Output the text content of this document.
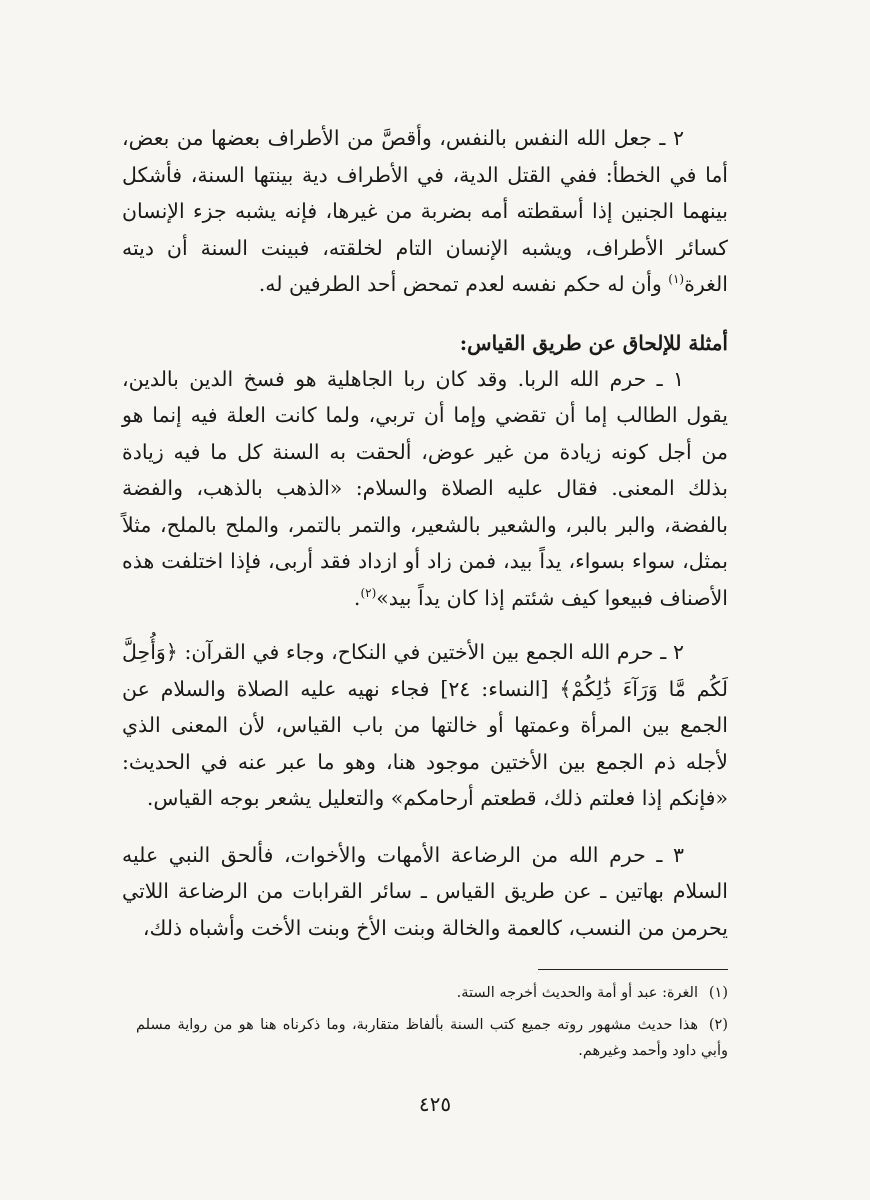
٢ ـ جعل الله النفس بالنفس، وأقصَّ من الأطراف بعضها من بعض، أما في الخطأ: ففي القتل الدية، في الأطراف دية بينتها السنة، فأشكل بينهما الجنين إذا أسقطته أمه بضربة من غيرها، فإنه يشبه جزء الإنسان كسائر الأطراف، ويشبه الإنسان التام لخلقته، فبينت السنة أن ديته الغرة$^{(١)}$ وأن له حكم نفسه لعدم تمحض أحد الطرفين له.

أمثلة للإلحاق عن طريق القياس:

١ ـ حرم الله الربا. وقد كان ربا الجاهلية هو فسخ الدين بالدين، يقول الطالب إما أن تقضي وإما أن تربي، ولما كانت العلة فيه إنما هو من أجل كونه زيادة من غير عوض، ألحقت به السنة كل ما فيه زيادة بذلك المعنى. فقال عليه الصلاة والسلام: «الذهب بالذهب، والفضة بالفضة، والبر بالبر، والشعير بالشعير، والتمر بالتمر، والملح بالملح، مثلاً بمثل، سواء بسواء، يداً بيد، فمن زاد أو ازداد فقد أربى، فإذا اختلفت هذه الأصناف فبيعوا كيف شئتم إذا كان يداً بيد»$^{(٢)}$.

٢ ـ حرم الله الجمع بين الأختين في النكاح، وجاء في القرآن: ﴿وَأُحِلَّ لَكُم مَّا وَرَآءَ ذَٰلِكُمْ﴾ [النساء: ٢٤] فجاء نهيه عليه الصلاة والسلام عن الجمع بين المرأة وعمتها أو خالتها من باب القياس، لأن المعنى الذي لأجله ذم الجمع بين الأختين موجود هنا، وهو ما عبر عنه في الحديث: «فإنكم إذا فعلتم ذلك، قطعتم أرحامكم» والتعليل يشعر بوجه القياس.

٣ ـ حرم الله من الرضاعة الأمهات والأخوات، فألحق النبي عليه السلام بهاتين ـ عن طريق القياس ـ سائر القرابات من الرضاعة اللاتي يحرمن من النسب، كالعمة والخالة وبنت الأخ وبنت الأخت وأشباه ذلك،

(١)الغرة: عبد أو أمة والحديث أخرجه الستة.

(٢)هذا حديث مشهور روته جميع كتب السنة بألفاظ متقاربة، وما ذكرناه هنا هو من رواية مسلم وأبي داود وأحمد وغيرهم.

٤٢٥
